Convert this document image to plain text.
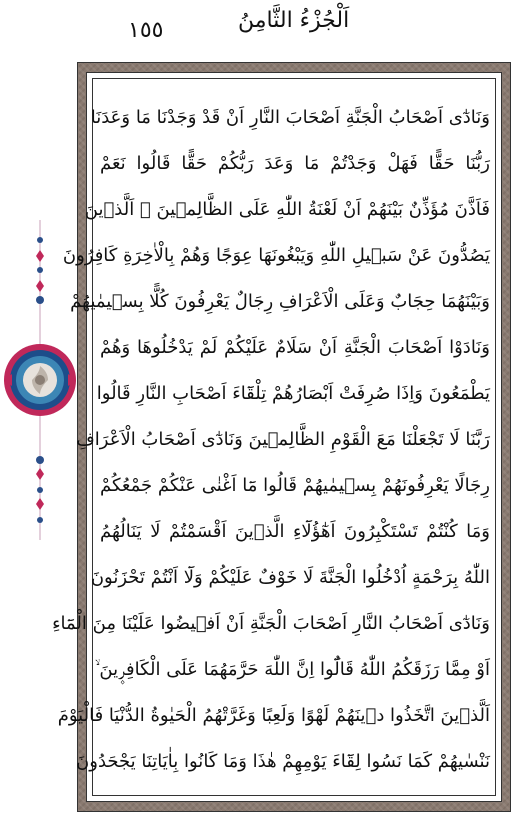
١٥٥	اَلْجُزْءُ الثَّامِنُ
وَنَادٰٓى اَصْحَابُ الْجَنَّةِ اَصْحَابَ النَّارِ اَنْ قَدْ وَجَدْنَا مَا وَعَدَنَا
رَبُّنَا حَقًّا فَهَلْ وَجَدْتُمْ مَا وَعَدَ رَبُّكُمْ حَقًّا قَالُوا نَعَمْ
فَاَذَّنَ مُؤَذِّنٌ بَيْنَهُمْ اَنْ لَعْنَةُ اللّٰهِ عَلَى الظَّالِم۪ينَ ۙ اَلَّذ۪ينَ
يَصُدُّونَ عَنْ سَب۪يلِ اللّٰهِ وَيَبْغُونَهَا عِوَجًا وَهُمْ بِالْاٰخِرَةِ كَافِرُونَ
وَبَيْنَهُمَا حِجَابٌ وَعَلَى الْاَعْرَافِ رِجَالٌ يَعْرِفُونَ كُلًّا بِس۪يمٰيهُمْ
وَنَادَوْا اَصْحَابَ الْجَنَّةِ اَنْ سَلَامٌ عَلَيْكُمْ لَمْ يَدْخُلُوهَا وَهُمْ
يَطْمَعُونَ وَاِذَا صُرِفَتْ اَبْصَارُهُمْ تِلْقَٓاءَ اَصْحَابِ النَّارِ قَالُوا
رَبَّنَا لَا تَجْعَلْنَا مَعَ الْقَوْمِ الظَّالِم۪ينَ وَنَادٰٓى اَصْحَابُ الْاَعْرَافِ
رِجَالًا يَعْرِفُونَهُمْ بِس۪يمٰيهُمْ قَالُوا مَٓا اَغْنٰى عَنْكُمْ جَمْعُكُمْ
وَمَا كُنْتُمْ تَسْتَكْبِرُونَ اَهٰٓؤُلَٓاءِ الَّذ۪ينَ اَقْسَمْتُمْ لَا يَنَالُهُمُ
اللّٰهُ بِرَحْمَةٍ اُدْخُلُوا الْجَنَّةَ لَا خَوْفٌ عَلَيْكُمْ وَلَٓا اَنْتُمْ تَحْزَنُونَ
وَنَادٰٓى اَصْحَابُ النَّارِ اَصْحَابَ الْجَنَّةِ اَنْ اَف۪يضُوا عَلَيْنَا مِنَ الْمَٓاءِ
اَوْ مِمَّا رَزَقَكُمُ اللّٰهُ قَالُٓوا اِنَّ اللّٰهَ حَرَّمَهُمَا عَلَى الْكَافِر۪ينَ ۙ
اَلَّذ۪ينَ اتَّخَذُوا د۪ينَهُمْ لَهْوًا وَلَعِبًا وَغَرَّتْهُمُ الْحَيٰوةُ الدُّنْيَا فَالْيَوْمَ
نَنْسٰيهُمْ كَمَا نَسُوا لِقَٓاءَ يَوْمِهِمْ هٰذَا وَمَا كَانُوا بِاٰيَاتِنَا يَجْحَدُونَ
